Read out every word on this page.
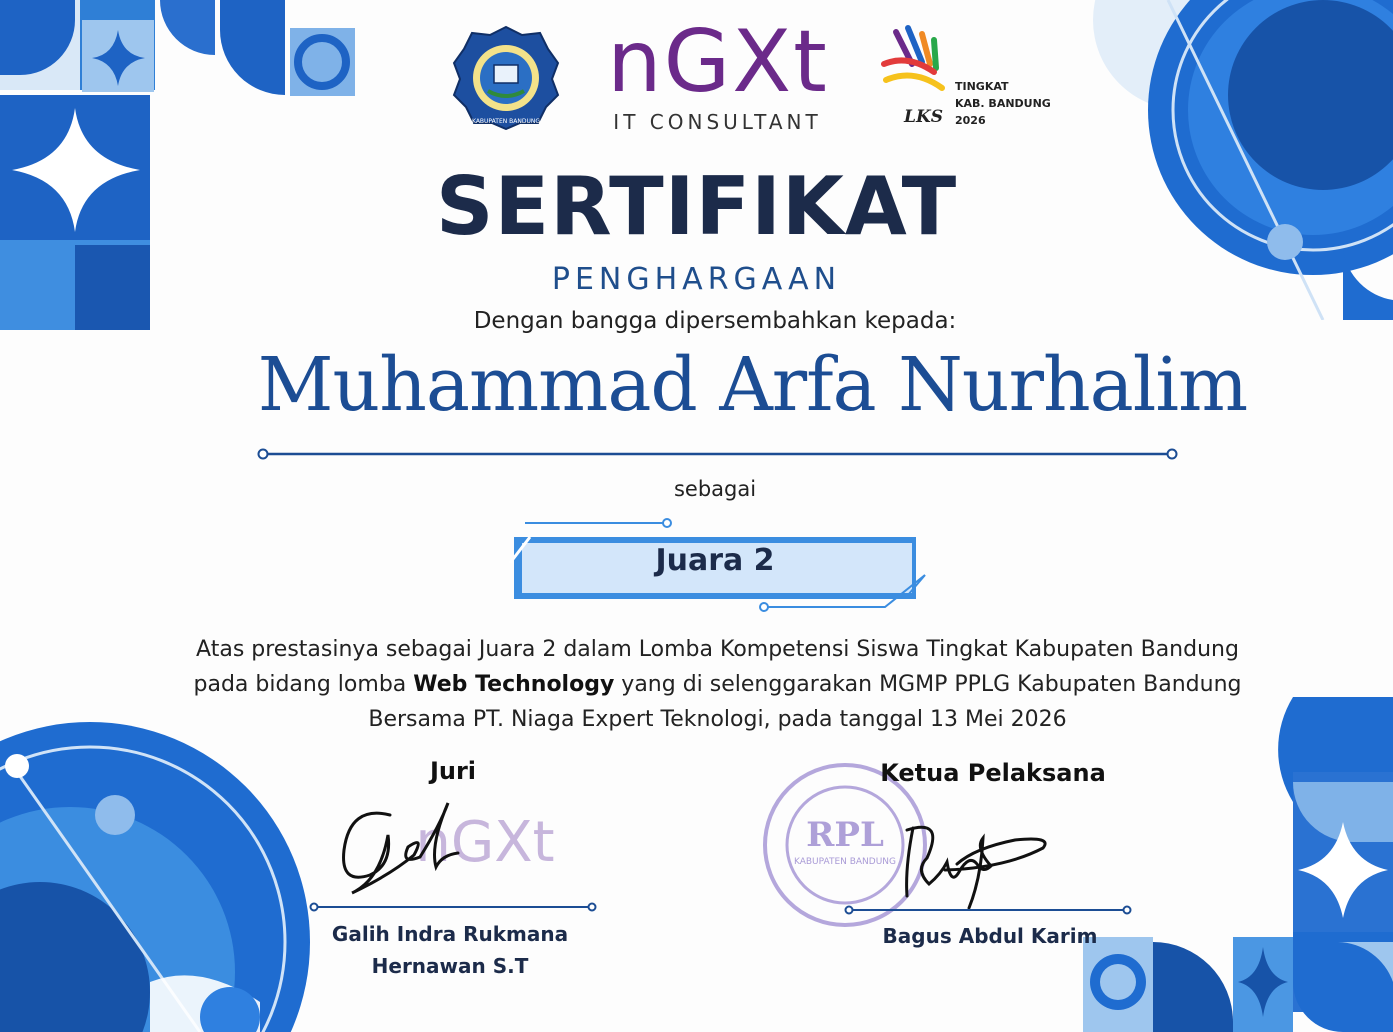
KABUPATEN BANDUNG
nGXt
IT CONSULTANT	LKS
TINGKAT
KAB. BANDUNG
2026
SERTIFIKAT
PENGHARGAAN
Dengan bangga dipersembahkan kepada:
Muhammad Arfa Nurhalim
sebagai
Juara 2
Atas prestasinya sebagai Juara 2 dalam Lomba Kompetensi Siswa Tingkat Kabupaten Bandung pada bidang lomba Web Technology yang di selenggarakan MGMP PPLG Kabupaten Bandung Bersama PT. Niaga Expert Teknologi, pada tanggal 13 Mei 2026
Juri
nGXt
Galih Indra Rukmana
Hernawan S.T
RPL
KABUPATEN BANDUNG
Ketua Pelaksana
Bagus Abdul Karim
